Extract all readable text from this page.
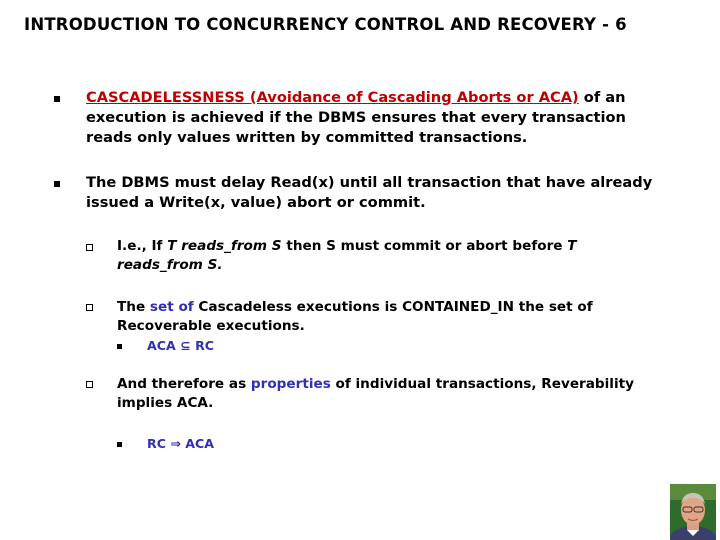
INTRODUCTION TO CONCURRENCY CONTROL AND RECOVERY - 6
CASCADELESSNESS (Avoidance of Cascading Aborts or ACA) of an
execution is achieved if the DBMS ensures that every transaction
reads only values written by committed transactions.
The DBMS must delay Read(x) until all transaction that have already
issued a Write(x, value) abort or commit.
I.e., If T reads_from S then S must commit or abort before T
reads_from S.
The set of Cascadeless executions is CONTAINED_IN the set of
Recoverable executions.
ACA ⊆ RC
And therefore as properties of individual transactions, Reverability
implies ACA.
RC ⇒ ACA
